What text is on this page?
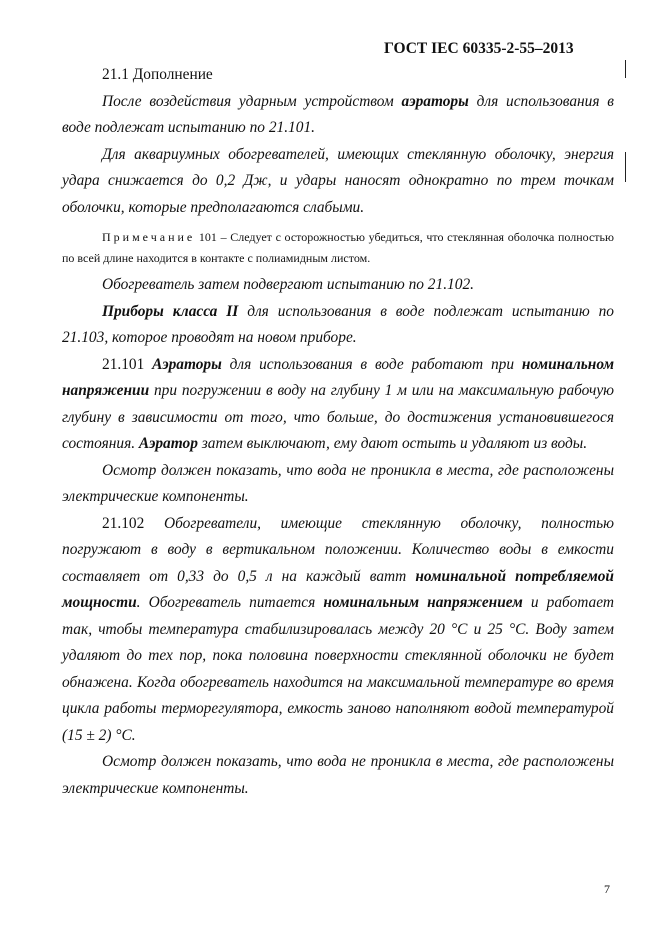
ГОСТ IEC 60335-2-55–2013

21.1 Дополнение

После воздействия ударным устройством аэраторы для использования в воде подлежат испытанию по 21.101.

Для аквариумных обогревателей, имеющих стеклянную оболочку, энергия удара снижается до 0,2 Дж, и удары наносят однократно по трем точкам оболочки, которые предполагаются слабыми.

Примечание 101 – Следует с осторожностью убедиться, что стеклянная оболочка полностью по всей длине находится в контакте с полиамидным листом.

Обогреватель затем подвергают испытанию по 21.102.

Приборы класса II для использования в воде подлежат испытанию по 21.103, которое проводят на новом приборе.

21.101 Аэраторы для использования в воде работают при номинальном напряжении при погружении в воду на глубину 1 м или на максимальную рабочую глубину в зависимости от того, что больше, до достижения установившегося состояния. Аэратор затем выключают, ему дают остыть и удаляют из воды.

Осмотр должен показать, что вода не проникла в места, где расположены электрические компоненты.

21.102 Обогреватели, имеющие стеклянную оболочку, полностью погружают в воду в вертикальном положении. Количество воды в емкости составляет от 0,33 до 0,5 л на каждый ватт номинальной потребляемой мощности. Обогреватель питается номинальным напряжением и работает так, чтобы температура стабилизировалась между 20 °С и 25 °С. Воду затем удаляют до тех пор, пока половина поверхности стеклянной оболочки не будет обнажена. Когда обогреватель находится на максимальной температуре во время цикла работы терморегулятора, емкость заново наполняют водой температурой (15 ± 2) °С.

Осмотр должен показать, что вода не проникла в места, где расположены электрические компоненты.

7
